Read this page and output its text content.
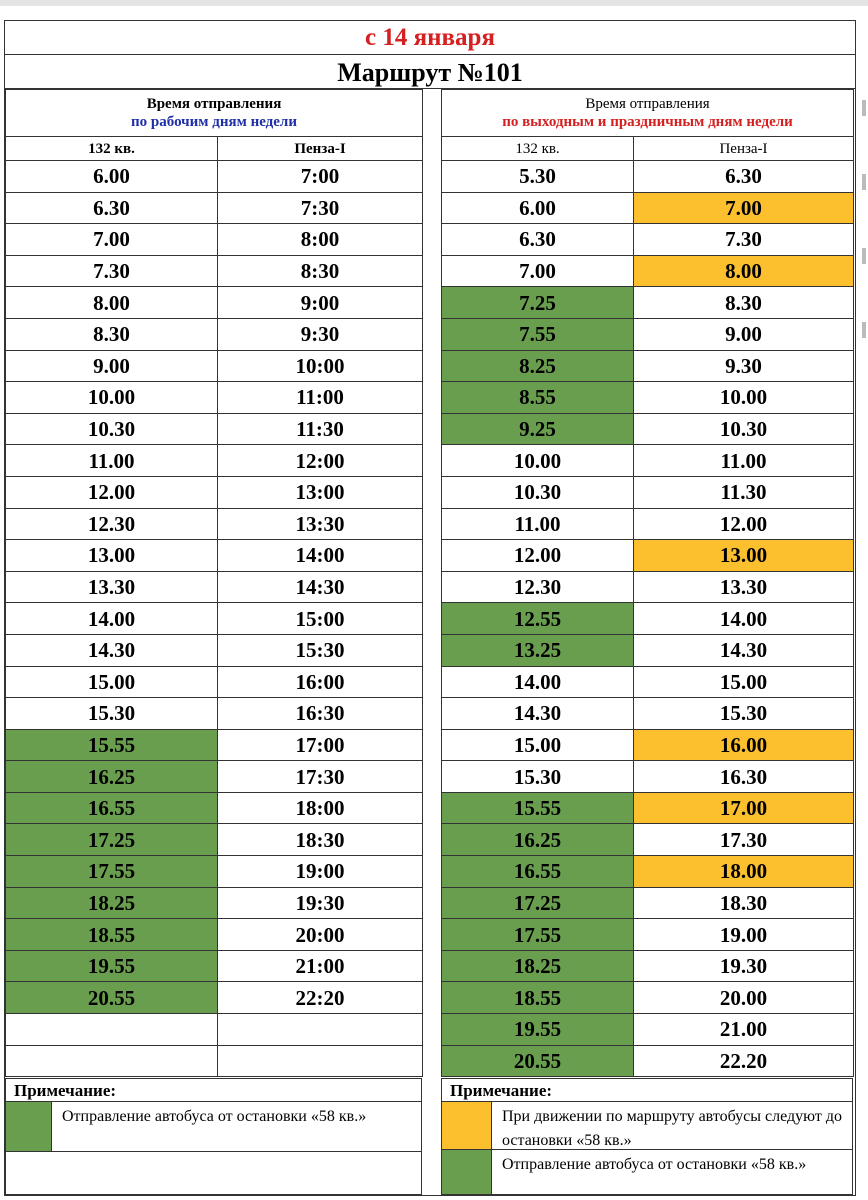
с 14 января
Маршрут №101
Время отправления
по рабочим дням недели	

132 кв.	Пенза-I
6.00	7:00
6.30	7:30
7.00	8:00
7.30	8:30
8.00	9:00
8.30	9:30
9.00	10:00
10.00	11:00
10.30	11:30
11.00	12:00
12.00	13:00
12.30	13:30
13.00	14:00
13.30	14:30
14.00	15:00
14.30	15:30
15.00	16:00
15.30	16:30
15.55	17:00
16.25	17:30
16.55	18:00
17.25	18:30
17.55	19:00
18.25	19:30
18.55	20:00
19.55	21:00
20.55	22:20

Время отправления
по выходным и праздничным дням недели	

132 кв.	Пенза-I
5.30	6.30
6.00	7.00
6.30	7.30
7.00	8.00
7.25	8.30
7.55	9.00
8.25	9.30
8.55	10.00
9.25	10.30
10.00	11.00
10.30	11.30
11.00	12.00
12.00	13.00
12.30	13.30
12.55	14.00
13.25	14.30
14.00	15.00
14.30	15.30
15.00	16.00
15.30	16.30
15.55	17.00
16.25	17.30
16.55	18.00
17.25	18.30
17.55	19.00
18.25	19.30
18.55	20.00
19.55	21.00
20.55	22.20
Примечание:
Отправление автобуса от остановки «58 кв.»
Примечание:
При движении по маршруту автобусы следуют до остановки «58 кв.»
Отправление автобуса от остановки «58 кв.»
